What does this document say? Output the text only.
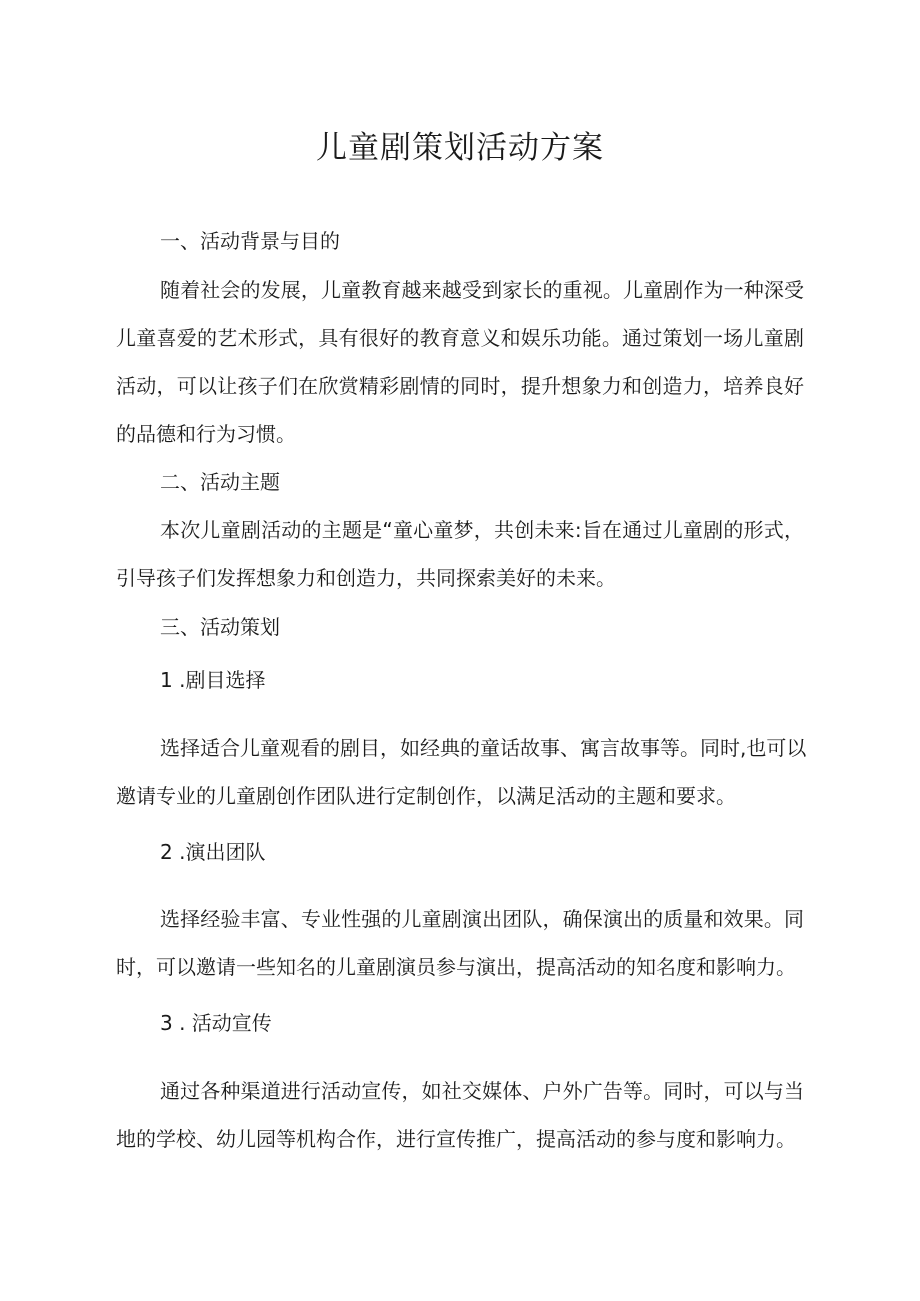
儿童剧策划活动方案
一、活动背景与目的
随着社会的发展，儿童教育越来越受到家长的重视。儿童剧作为一种深受
儿童喜爱的艺术形式，具有很好的教育意义和娱乐功能。通过策划一场儿童剧
活动，可以让孩子们在欣赏精彩剧情的同时，提升想象力和创造力，培养良好
的品德和行为习惯。
二、活动主题
本次儿童剧活动的主题是“童心童梦，共创未来:旨在通过儿童剧的形式，
引导孩子们发挥想象力和创造力，共同探索美好的未来。
三、活动策划
1 .剧目选择
选择适合儿童观看的剧目，如经典的童话故事、寓言故事等。同时,也可以
邀请专业的儿童剧创作团队进行定制创作，以满足活动的主题和要求。
2 .演出团队
选择经验丰富、专业性强的儿童剧演出团队，确保演出的质量和效果。同
时，可以邀请一些知名的儿童剧演员参与演出，提高活动的知名度和影响力。
3 . 活动宣传
通过各种渠道进行活动宣传，如社交媒体、户外广告等。同时，可以与当
地的学校、幼儿园等机构合作，进行宣传推广，提高活动的参与度和影响力。
